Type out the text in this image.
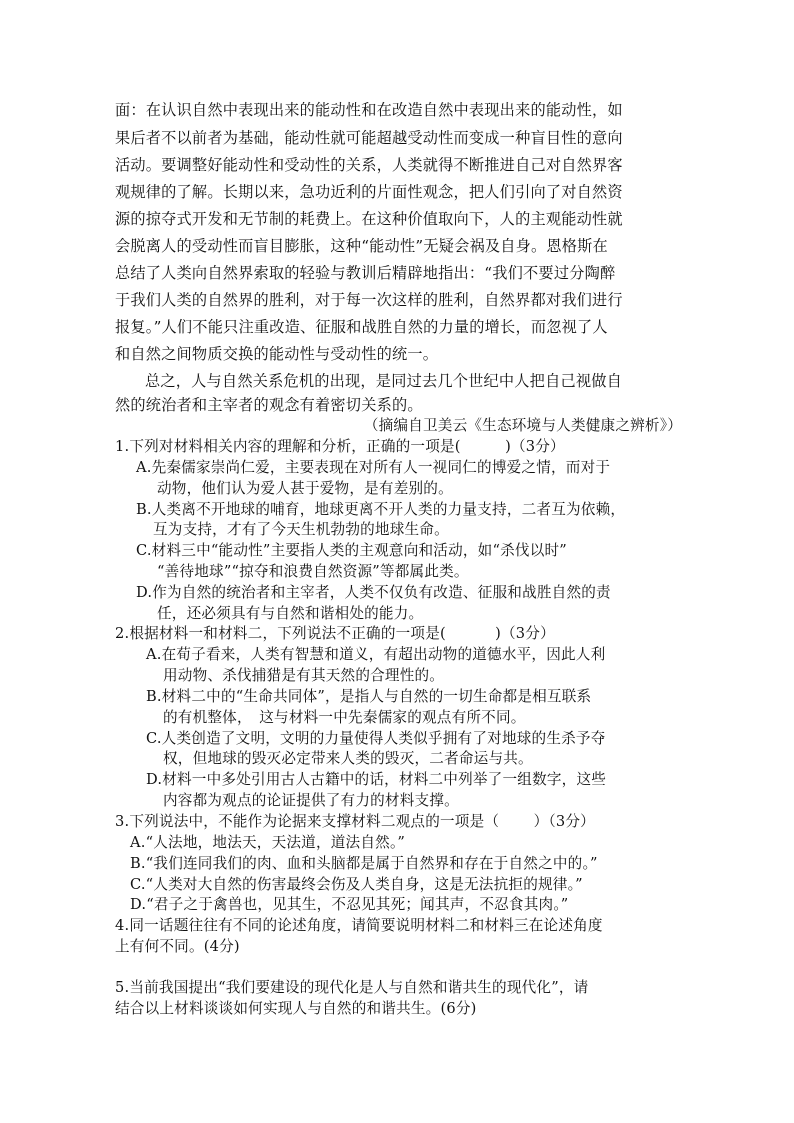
面：在认识自然中表现出来的能动性和在改造自然中表现出来的能动性，如
果后者不以前者为基础，能动性就可能超越受动性而变成一种盲目性的意向
活动。要调整好能动性和受动性的关系，人类就得不断推进自己对自然界客
观规律的了解。长期以来，急功近利的片面性观念，把人们引向了对自然资
源的掠夺式开发和无节制的耗费上。在这种价值取向下，人的主观能动性就
会脱离人的受动性而盲目膨胀，这种“能动性”无疑会祸及自身。恩格斯在
总结了人类向自然界索取的轻验与教训后精辟地指出：“我们不要过分陶醉
于我们人类的自然界的胜利，对于每一次这样的胜利，自然界都对我们进行
报复。”人们不能只注重改造、征服和战胜自然的力量的增长，而忽视了人
和自然之间物质交换的能动性与受动性的统一。
总之，人与自然关系危机的出现，是同过去几个世纪中人把自己视做自
然的统治者和主宰者的观念有着密切关系的。
（摘编自卫美云《生态环境与人类健康之辨析》）
1.下列对材料相关内容的理解和分析，正确的一项是(　　　)（3分）
A.先秦儒家崇尚仁爱，主要表现在对所有人一视同仁的博爱之情，而对于
动物，他们认为爱人甚于爱物，是有差别的。
B.人类离不开地球的哺育，地球更离不开人类的力量支持，二者互为依赖，
互为支持，才有了今天生机勃勃的地球生命。
C.材料三中“能动性”主要指人类的主观意向和活动，如“杀伐以时”
“善待地球”“掠夺和浪费自然资源”等都属此类。
D.作为自然的统治者和主宰者，人类不仅负有改造、征服和战胜自然的责
任，还必须具有与自然和谐相处的能力。
2.根据材料一和材料二，下列说法不正确的一项是(　　　 )（3分）
A.在荀子看来，人类有智慧和道义，有超出动物的道德水平，因此人利
用动物、杀伐捕猎是有其天然的合理性的。
B.材料二中的“生命共同体”，是指人与自然的一切生命都是相互联系
的有机整体，　这与材料一中先秦儒家的观点有所不同。
C.人类创造了文明，文明的力量使得人类似乎拥有了对地球的生杀予夺
权，但地球的毁灭必定带来人类的毁灭，二者命运与共。
D.材料一中多处引用古人古籍中的话，材料二中列举了一组数字，这些
内容都为观点的论证提供了有力的材料支撑。
3.下列说法中，不能作为论据来支撑材料二观点的一项是（　　 ）（3分）
A.“人法地，地法天，天法道，道法自然。”
B.“我们连同我们的肉、血和头脑都是属于自然界和存在于自然之中的。”
C.“人类对大自然的伤害最终会伤及人类自身，这是无法抗拒的规律。”
D.“君子之于禽兽也，见其生，不忍见其死；闻其声，不忍食其肉。”
4.同一话题往往有不同的论述角度，请简要说明材料二和材料三在论述角度
上有何不同。(4分)
5.当前我国提出“我们要建设的现代化是人与自然和谐共生的现代化”，请
结合以上材料谈谈如何实现人与自然的和谐共生。(6分)
